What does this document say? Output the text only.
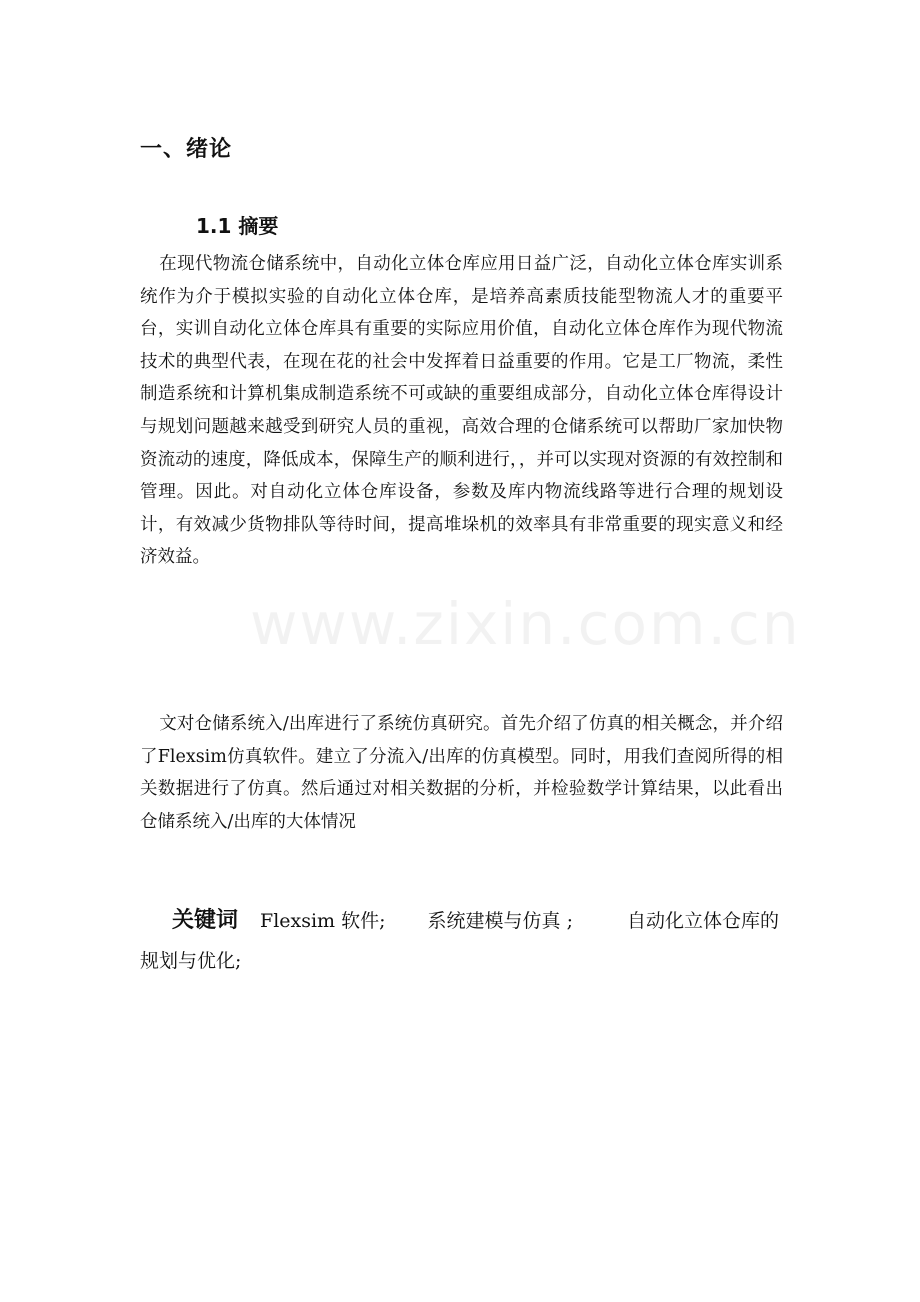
www.zixin.com.cn
一、绪论
1.1 摘要

在现代物流仓储系统中，自动化立体仓库应用日益广泛，自动化立体仓库实训系统作为介于模拟实验的自动化立体仓库，是培养高素质技能型物流人才的重要平台，实训自动化立体仓库具有重要的实际应用价值，自动化立体仓库作为现代物流技术的典型代表，在现在花的社会中发挥着日益重要的作用。它是工厂物流，柔性制造系统和计算机集成制造系统不可或缺的重要组成部分，自动化立体仓库得设计与规划问题越来越受到研究人员的重视，高效合理的仓储系统可以帮助厂家加快物资流动的速度，降低成本，保障生产的顺利进行，，并可以实现对资源的有效控制和管理。因此。对自动化立体仓库设备，参数及库内物流线路等进行合理的规划设计，有效减少货物排队等待时间，提高堆垛机的效率具有非常重要的现实意义和经济效益。

文对仓储系统入/出库进行了系统仿真研究。首先介绍了仿真的相关概念，并介绍了Flexsim仿真软件。建立了分流入/出库的仿真模型。同时，用我们查阅所得的相关数据进行了仿真。然后通过对相关数据的分析，并检验数学计算结果，以此看出仓储系统入/出库的大体情况

关键词 Flexsim 软件; 系统建模与仿真 ;	自动化立体仓库的规划与优化;
